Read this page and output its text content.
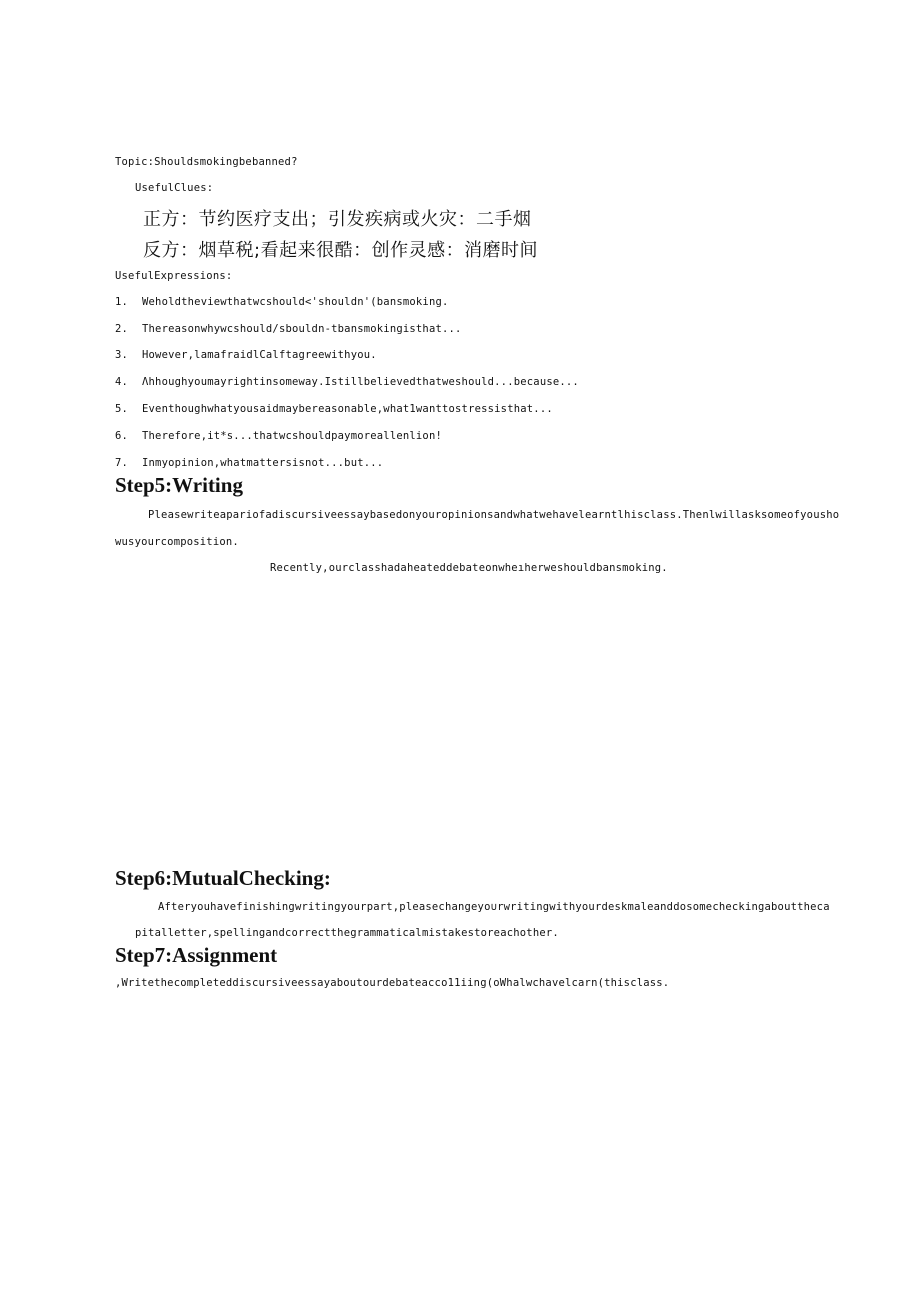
Topic:Shouldsmokingbebanned?
UsefulClues:
正方：节约医疗支出；引发疾病或火灾：二手烟
反方：烟草税;看起来很酷：创作灵感：消磨时间
UsefulExpressions:
1. Weholdtheviewthatwcshould<'shouldn'(bansmoking.
2. Thereasonwhywcshould/sbouldn-tbansmokingisthat...
3. However,lamafraidlCalftagreewithyou.
4. Λhhoughyoumayrightinsomeway.Istillbelievedthatweshould...because...
5. Eventhoughwhatyousaidmaybereasonable,what1wanttostressisthat...
6. Therefore,it*s...thatwcshouldpaymoreallenlion!
7. Inmyopinion,whatmattersisnot...but...
Step5:Writing
Pleasewriteapariofadiscursiveessaybasedonyouropinionsandwhatwehavelearntlhisclass.Thenlwillasksomeofyousho
wusyourcomposition.
Recently,ourclasshadaheateddebateonwheıherweshouldbansmoking.
Step6:MutualChecking:
Afteryouhavefinishingwritingyourpart,pleasechangeyo∪rwritingwithyourdeskmaleanddosomecheckingabouttheca
pitalletter,spellingandcorrectthegrammaticalmistakestoreachother.
Step7:Assignment
,Writethecompleteddiscursiveessayaboutourdebateacco11iing(oWhalwchavelcarn(thisclass.
